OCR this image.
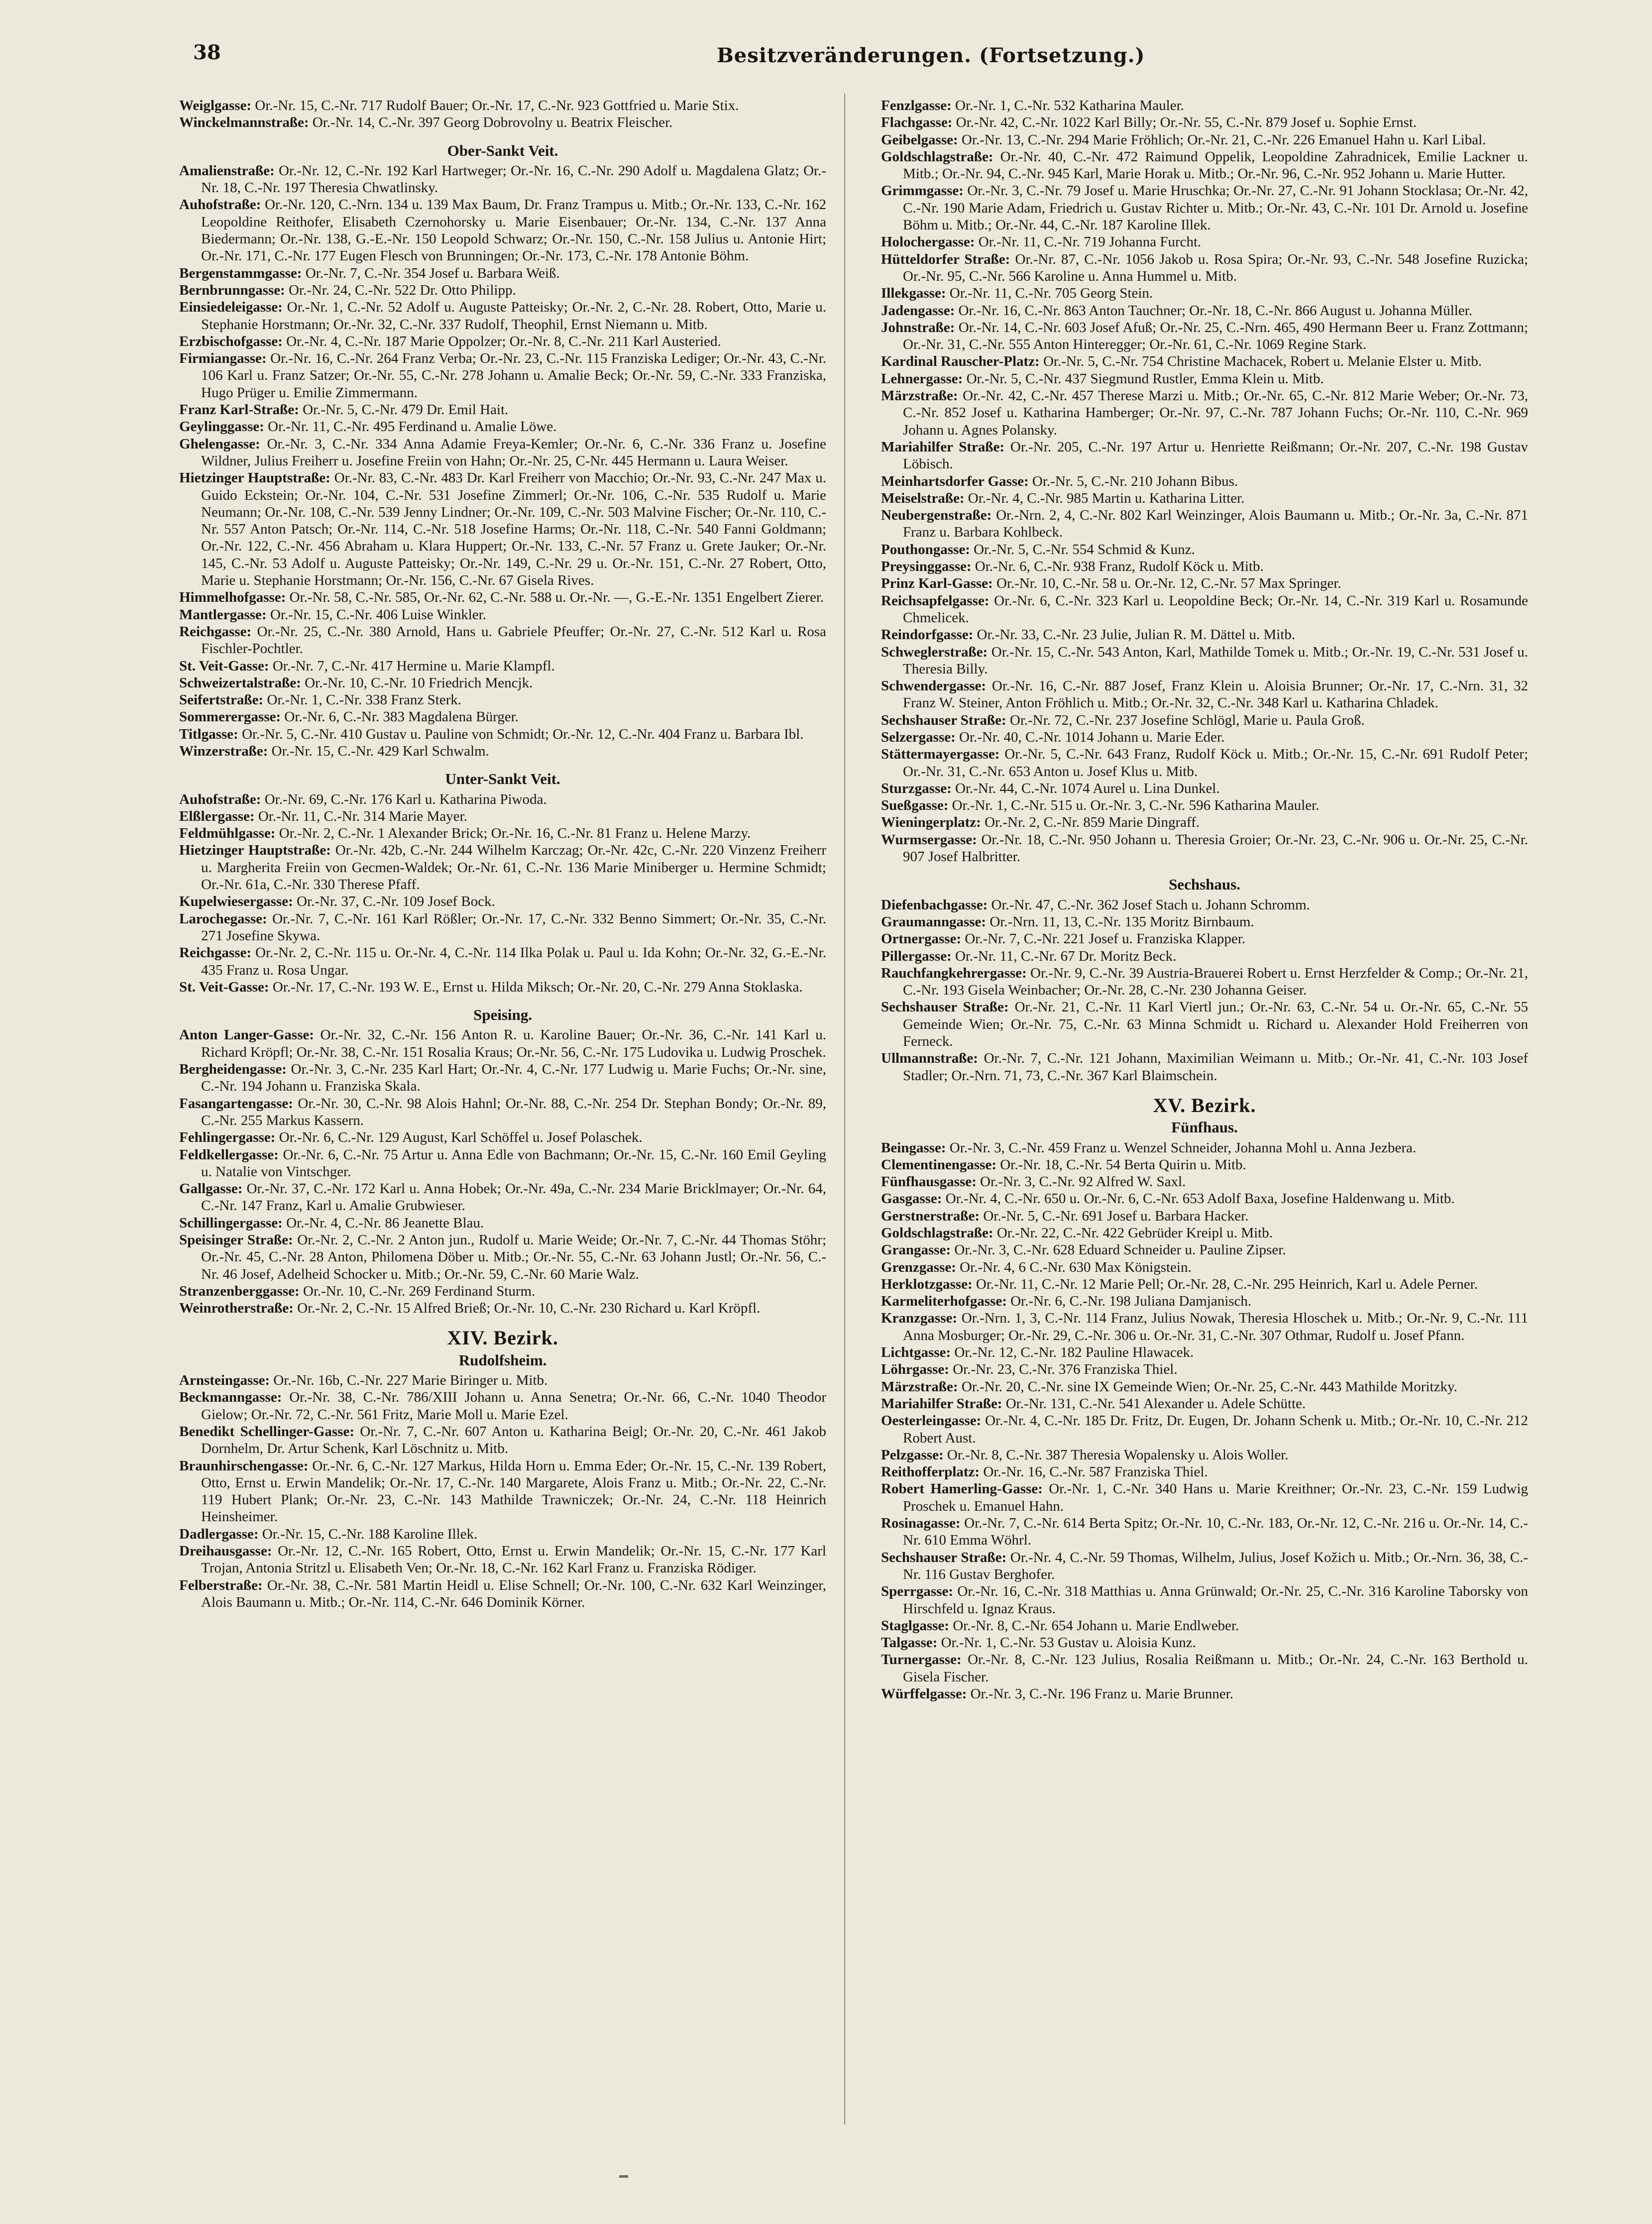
38	Besitzveränderungen. (Fortsetzung.)
Weiglgasse: Or.-Nr. 15, C.-Nr. 717 Rudolf Bauer; Or.-Nr. 17, C.-Nr. 923 Gottfried u. Marie Stix.
Winckelmannstraße: Or.-Nr. 14, C.-Nr. 397 Georg Dobrovolny u. Beatrix Fleischer.
Ober-Sankt Veit.
Amalienstraße: Or.-Nr. 12, C.-Nr. 192 Karl Hartweger; Or.-Nr. 16, C.-Nr. 290 Adolf u. Magdalena Glatz; Or.-Nr. 18, C.-Nr. 197 Theresia Chwatlinsky.
Auhofstraße: Or.-Nr. 120, C.-Nrn. 134 u. 139 Max Baum, Dr. Franz Trampus u. Mitb.; Or.-Nr. 133, C.-Nr. 162 Leopoldine Reithofer, Elisabeth Czernohorsky u. Marie Eisenbauer; Or.-Nr. 134, C.-Nr. 137 Anna Biedermann; Or.-Nr. 138, G.-E.-Nr. 150 Leopold Schwarz; Or.-Nr. 150, C.-Nr. 158 Julius u. Antonie Hirt; Or.-Nr. 171, C.-Nr. 177 Eugen Flesch von Brunningen; Or.-Nr. 173, C.-Nr. 178 Antonie Böhm.
Bergenstammgasse: Or.-Nr. 7, C.-Nr. 354 Josef u. Barbara Weiß.
Bernbrunngasse: Or.-Nr. 24, C.-Nr. 522 Dr. Otto Philipp.
Einsiedeleigasse: Or.-Nr. 1, C.-Nr. 52 Adolf u. Auguste Patteisky; Or.-Nr. 2, C.-Nr. 28. Robert, Otto, Marie u. Stephanie Horstmann; Or.-Nr. 32, C.-Nr. 337 Rudolf, Theophil, Ernst Niemann u. Mitb.
Erzbischofgasse: Or.-Nr. 4, C.-Nr. 187 Marie Oppolzer; Or.-Nr. 8, C.-Nr. 211 Karl Austeried.
Firmiangasse: Or.-Nr. 16, C.-Nr. 264 Franz Verba; Or.-Nr. 23, C.-Nr. 115 Franziska Lediger; Or.-Nr. 43, C.-Nr. 106 Karl u. Franz Satzer; Or.-Nr. 55, C.-Nr. 278 Johann u. Amalie Beck; Or.-Nr. 59, C.-Nr. 333 Franziska, Hugo Prüger u. Emilie Zimmermann.
Franz Karl-Straße: Or.-Nr. 5, C.-Nr. 479 Dr. Emil Hait.
Geylinggasse: Or.-Nr. 11, C.-Nr. 495 Ferdinand u. Amalie Löwe.
Ghelengasse: Or.-Nr. 3, C.-Nr. 334 Anna Adamie Freya-Kemler; Or.-Nr. 6, C.-Nr. 336 Franz u. Josefine Wildner, Julius Freiherr u. Josefine Freiin von Hahn; Or.-Nr. 25, C-Nr. 445 Hermann u. Laura Weiser.
Hietzinger Hauptstraße: Or.-Nr. 83, C.-Nr. 483 Dr. Karl Freiherr von Macchio; Or.-Nr. 93, C.-Nr. 247 Max u. Guido Eckstein; Or.-Nr. 104, C.-Nr. 531 Josefine Zimmerl; Or.-Nr. 106, C.-Nr. 535 Rudolf u. Marie Neumann; Or.-Nr. 108, C.-Nr. 539 Jenny Lindner; Or.-Nr. 109, C.-Nr. 503 Malvine Fischer; Or.-Nr. 110, C.-Nr. 557 Anton Patsch; Or.-Nr. 114, C.-Nr. 518 Josefine Harms; Or.-Nr. 118, C.-Nr. 540 Fanni Goldmann; Or.-Nr. 122, C.-Nr. 456 Abraham u. Klara Huppert; Or.-Nr. 133, C.-Nr. 57 Franz u. Grete Jauker; Or.-Nr. 145, C.-Nr. 53 Adolf u. Auguste Patteisky; Or.-Nr. 149, C.-Nr. 29 u. Or.-Nr. 151, C.-Nr. 27 Robert, Otto, Marie u. Stephanie Horstmann; Or.-Nr. 156, C.-Nr. 67 Gisela Rives.
Himmelhofgasse: Or.-Nr. 58, C.-Nr. 585, Or.-Nr. 62, C.-Nr. 588 u. Or.-Nr. —, G.-E.-Nr. 1351 Engelbert Zierer.
Mantlergasse: Or.-Nr. 15, C.-Nr. 406 Luise Winkler.
Reichgasse: Or.-Nr. 25, C.-Nr. 380 Arnold, Hans u. Gabriele Pfeuffer; Or.-Nr. 27, C.-Nr. 512 Karl u. Rosa Fischler-Pochtler.
St. Veit-Gasse: Or.-Nr. 7, C.-Nr. 417 Hermine u. Marie Klampfl.
Schweizertalstraße: Or.-Nr. 10, C.-Nr. 10 Friedrich Mencjk.
Seifertstraße: Or.-Nr. 1, C.-Nr. 338 Franz Sterk.
Sommerergasse: Or.-Nr. 6, C.-Nr. 383 Magdalena Bürger.
Titlgasse: Or.-Nr. 5, C.-Nr. 410 Gustav u. Pauline von Schmidt; Or.-Nr. 12, C.-Nr. 404 Franz u. Barbara Ibl.
Winzerstraße: Or.-Nr. 15, C.-Nr. 429 Karl Schwalm.
Unter-Sankt Veit.
Auhofstraße: Or.-Nr. 69, C.-Nr. 176 Karl u. Katharina Piwoda.
Elßlergasse: Or.-Nr. 11, C.-Nr. 314 Marie Mayer.
Feldmühlgasse: Or.-Nr. 2, C.-Nr. 1 Alexander Brick; Or.-Nr. 16, C.-Nr. 81 Franz u. Helene Marzy.
Hietzinger Hauptstraße: Or.-Nr. 42b, C.-Nr. 244 Wilhelm Karczag; Or.-Nr. 42c, C.-Nr. 220 Vinzenz Freiherr u. Margherita Freiin von Gecmen-Waldek; Or.-Nr. 61, C.-Nr. 136 Marie Miniberger u. Hermine Schmidt; Or.-Nr. 61a, C.-Nr. 330 Therese Pfaff.
Kupelwiesergasse: Or.-Nr. 37, C.-Nr. 109 Josef Bock.
Larochegasse: Or.-Nr. 7, C.-Nr. 161 Karl Rößler; Or.-Nr. 17, C.-Nr. 332 Benno Simmert; Or.-Nr. 35, C.-Nr. 271 Josefine Skywa.
Reichgasse: Or.-Nr. 2, C.-Nr. 115 u. Or.-Nr. 4, C.-Nr. 114 Ilka Polak u. Paul u. Ida Kohn; Or.-Nr. 32, G.-E.-Nr. 435 Franz u. Rosa Ungar.
St. Veit-Gasse: Or.-Nr. 17, C.-Nr. 193 W. E., Ernst u. Hilda Miksch; Or.-Nr. 20, C.-Nr. 279 Anna Stoklaska.
Speising.
Anton Langer-Gasse: Or.-Nr. 32, C.-Nr. 156 Anton R. u. Karoline Bauer; Or.-Nr. 36, C.-Nr. 141 Karl u. Richard Kröpfl; Or.-Nr. 38, C.-Nr. 151 Rosalia Kraus; Or.-Nr. 56, C.-Nr. 175 Ludovika u. Ludwig Proschek.
Bergheidengasse: Or.-Nr. 3, C.-Nr. 235 Karl Hart; Or.-Nr. 4, C.-Nr. 177 Ludwig u. Marie Fuchs; Or.-Nr. sine, C.-Nr. 194 Johann u. Franziska Skala.
Fasangartengasse: Or.-Nr. 30, C.-Nr. 98 Alois Hahnl; Or.-Nr. 88, C.-Nr. 254 Dr. Stephan Bondy; Or.-Nr. 89, C.-Nr. 255 Markus Kassern.
Fehlingergasse: Or.-Nr. 6, C.-Nr. 129 August, Karl Schöffel u. Josef Polaschek.
Feldkellergasse: Or.-Nr. 6, C.-Nr. 75 Artur u. Anna Edle von Bachmann; Or.-Nr. 15, C.-Nr. 160 Emil Geyling u. Natalie von Vintschger.
Gallgasse: Or.-Nr. 37, C.-Nr. 172 Karl u. Anna Hobek; Or.-Nr. 49a, C.-Nr. 234 Marie Bricklmayer; Or.-Nr. 64, C.-Nr. 147 Franz, Karl u. Amalie Grubwieser.
Schillingergasse: Or.-Nr. 4, C.-Nr. 86 Jeanette Blau.
Speisinger Straße: Or.-Nr. 2, C.-Nr. 2 Anton jun., Rudolf u. Marie Weide; Or.-Nr. 7, C.-Nr. 44 Thomas Stöhr; Or.-Nr. 45, C.-Nr. 28 Anton, Philomena Döber u. Mitb.; Or.-Nr. 55, C.-Nr. 63 Johann Justl; Or.-Nr. 56, C.-Nr. 46 Josef, Adelheid Schocker u. Mitb.; Or.-Nr. 59, C.-Nr. 60 Marie Walz.
Stranzenberggasse: Or.-Nr. 10, C.-Nr. 269 Ferdinand Sturm.
Weinrotherstraße: Or.-Nr. 2, C.-Nr. 15 Alfred Brieß; Or.-Nr. 10, C.-Nr. 230 Richard u. Karl Kröpfl.
XIV. Bezirk.
Rudolfsheim.
Arnsteingasse: Or.-Nr. 16b, C.-Nr. 227 Marie Biringer u. Mitb.
Beckmanngasse: Or.-Nr. 38, C.-Nr. 786/XIII Johann u. Anna Senetra; Or.-Nr. 66, C.-Nr. 1040 Theodor Gielow; Or.-Nr. 72, C.-Nr. 561 Fritz, Marie Moll u. Marie Ezel.
Benedikt Schellinger-Gasse: Or.-Nr. 7, C.-Nr. 607 Anton u. Katharina Beigl; Or.-Nr. 20, C.-Nr. 461 Jakob Dornhelm, Dr. Artur Schenk, Karl Löschnitz u. Mitb.
Braunhirschengasse: Or.-Nr. 6, C.-Nr. 127 Markus, Hilda Horn u. Emma Eder; Or.-Nr. 15, C.-Nr. 139 Robert, Otto, Ernst u. Erwin Mandelik; Or.-Nr. 17, C.-Nr. 140 Margarete, Alois Franz u. Mitb.; Or.-Nr. 22, C.-Nr. 119 Hubert Plank; Or.-Nr. 23, C.-Nr. 143 Mathilde Trawniczek; Or.-Nr. 24, C.-Nr. 118 Heinrich Heinsheimer.
Dadlergasse: Or.-Nr. 15, C.-Nr. 188 Karoline Illek.
Dreihausgasse: Or.-Nr. 12, C.-Nr. 165 Robert, Otto, Ernst u. Erwin Mandelik; Or.-Nr. 15, C.-Nr. 177 Karl Trojan, Antonia Stritzl u. Elisabeth Ven; Or.-Nr. 18, C.-Nr. 162 Karl Franz u. Franziska Rödiger.
Felberstraße: Or.-Nr. 38, C.-Nr. 581 Martin Heidl u. Elise Schnell; Or.-Nr. 100, C.-Nr. 632 Karl Weinzinger, Alois Baumann u. Mitb.; Or.-Nr. 114, C.-Nr. 646 Dominik Körner.
Fenzlgasse: Or.-Nr. 1, C.-Nr. 532 Katharina Mauler.
Flachgasse: Or.-Nr. 42, C.-Nr. 1022 Karl Billy; Or.-Nr. 55, C.-Nr. 879 Josef u. Sophie Ernst.
Geibelgasse: Or.-Nr. 13, C.-Nr. 294 Marie Fröhlich; Or.-Nr. 21, C.-Nr. 226 Emanuel Hahn u. Karl Libal.
Goldschlagstraße: Or.-Nr. 40, C.-Nr. 472 Raimund Oppelik, Leopoldine Zahradnicek, Emilie Lackner u. Mitb.; Or.-Nr. 94, C.-Nr. 945 Karl, Marie Horak u. Mitb.; Or.-Nr. 96, C.-Nr. 952 Johann u. Marie Hutter.
Grimmgasse: Or.-Nr. 3, C.-Nr. 79 Josef u. Marie Hruschka; Or.-Nr. 27, C.-Nr. 91 Johann Stocklasa; Or.-Nr. 42, C.-Nr. 190 Marie Adam, Friedrich u. Gustav Richter u. Mitb.; Or.-Nr. 43, C.-Nr. 101 Dr. Arnold u. Josefine Böhm u. Mitb.; Or.-Nr. 44, C.-Nr. 187 Karoline Illek.
Holochergasse: Or.-Nr. 11, C.-Nr. 719 Johanna Furcht.
Hütteldorfer Straße: Or.-Nr. 87, C.-Nr. 1056 Jakob u. Rosa Spira; Or.-Nr. 93, C.-Nr. 548 Josefine Ruzicka; Or.-Nr. 95, C.-Nr. 566 Karoline u. Anna Hummel u. Mitb.
Illekgasse: Or.-Nr. 11, C.-Nr. 705 Georg Stein.
Jadengasse: Or.-Nr. 16, C.-Nr. 863 Anton Tauchner; Or.-Nr. 18, C.-Nr. 866 August u. Johanna Müller.
Johnstraße: Or.-Nr. 14, C.-Nr. 603 Josef Afuß; Or.-Nr. 25, C.-Nrn. 465, 490 Hermann Beer u. Franz Zottmann; Or.-Nr. 31, C.-Nr. 555 Anton Hinteregger; Or.-Nr. 61, C.-Nr. 1069 Regine Stark.
Kardinal Rauscher-Platz: Or.-Nr. 5, C.-Nr. 754 Christine Machacek, Robert u. Melanie Elster u. Mitb.
Lehnergasse: Or.-Nr. 5, C.-Nr. 437 Siegmund Rustler, Emma Klein u. Mitb.
Märzstraße: Or.-Nr. 42, C.-Nr. 457 Therese Marzi u. Mitb.; Or.-Nr. 65, C.-Nr. 812 Marie Weber; Or.-Nr. 73, C.-Nr. 852 Josef u. Katharina Hamberger; Or.-Nr. 97, C.-Nr. 787 Johann Fuchs; Or.-Nr. 110, C.-Nr. 969 Johann u. Agnes Polansky.
Mariahilfer Straße: Or.-Nr. 205, C.-Nr. 197 Artur u. Henriette Reißmann; Or.-Nr. 207, C.-Nr. 198 Gustav Löbisch.
Meinhartsdorfer Gasse: Or.-Nr. 5, C.-Nr. 210 Johann Bibus.
Meiselstraße: Or.-Nr. 4, C.-Nr. 985 Martin u. Katharina Litter.
Neubergenstraße: Or.-Nrn. 2, 4, C.-Nr. 802 Karl Weinzinger, Alois Baumann u. Mitb.; Or.-Nr. 3a, C.-Nr. 871 Franz u. Barbara Kohlbeck.
Pouthongasse: Or.-Nr. 5, C.-Nr. 554 Schmid & Kunz.
Preysinggasse: Or.-Nr. 6, C.-Nr. 938 Franz, Rudolf Köck u. Mitb.
Prinz Karl-Gasse: Or.-Nr. 10, C.-Nr. 58 u. Or.-Nr. 12, C.-Nr. 57 Max Springer.
Reichsapfelgasse: Or.-Nr. 6, C.-Nr. 323 Karl u. Leopoldine Beck; Or.-Nr. 14, C.-Nr. 319 Karl u. Rosamunde Chmelicek.
Reindorfgasse: Or.-Nr. 33, C.-Nr. 23 Julie, Julian R. M. Dättel u. Mitb.
Schweglerstraße: Or.-Nr. 15, C.-Nr. 543 Anton, Karl, Mathilde Tomek u. Mitb.; Or.-Nr. 19, C.-Nr. 531 Josef u. Theresia Billy.
Schwendergasse: Or.-Nr. 16, C.-Nr. 887 Josef, Franz Klein u. Aloisia Brunner; Or.-Nr. 17, C.-Nrn. 31, 32 Franz W. Steiner, Anton Fröhlich u. Mitb.; Or.-Nr. 32, C.-Nr. 348 Karl u. Katharina Chladek.
Sechshauser Straße: Or.-Nr. 72, C.-Nr. 237 Josefine Schlögl, Marie u. Paula Groß.
Selzergasse: Or.-Nr. 40, C.-Nr. 1014 Johann u. Marie Eder.
Stättermayergasse: Or.-Nr. 5, C.-Nr. 643 Franz, Rudolf Köck u. Mitb.; Or.-Nr. 15, C.-Nr. 691 Rudolf Peter; Or.-Nr. 31, C.-Nr. 653 Anton u. Josef Klus u. Mitb.
Sturzgasse: Or.-Nr. 44, C.-Nr. 1074 Aurel u. Lina Dunkel.
Sueßgasse: Or.-Nr. 1, C.-Nr. 515 u. Or.-Nr. 3, C.-Nr. 596 Katharina Mauler.
Wieningerplatz: Or.-Nr. 2, C.-Nr. 859 Marie Dingraff.
Wurmsergasse: Or.-Nr. 18, C.-Nr. 950 Johann u. Theresia Groier; Or.-Nr. 23, C.-Nr. 906 u. Or.-Nr. 25, C.-Nr. 907 Josef Halbritter.
Sechshaus.
Diefenbachgasse: Or.-Nr. 47, C.-Nr. 362 Josef Stach u. Johann Schromm.
Graumanngasse: Or.-Nrn. 11, 13, C.-Nr. 135 Moritz Birnbaum.
Ortnergasse: Or.-Nr. 7, C.-Nr. 221 Josef u. Franziska Klapper.
Pillergasse: Or.-Nr. 11, C.-Nr. 67 Dr. Moritz Beck.
Rauchfangkehrergasse: Or.-Nr. 9, C.-Nr. 39 Austria-Brauerei Robert u. Ernst Herzfelder & Comp.; Or.-Nr. 21, C.-Nr. 193 Gisela Weinbacher; Or.-Nr. 28, C.-Nr. 230 Johanna Geiser.
Sechshauser Straße: Or.-Nr. 21, C.-Nr. 11 Karl Viertl jun.; Or.-Nr. 63, C.-Nr. 54 u. Or.-Nr. 65, C.-Nr. 55 Gemeinde Wien; Or.-Nr. 75, C.-Nr. 63 Minna Schmidt u. Richard u. Alexander Hold Freiherren von Ferneck.
Ullmannstraße: Or.-Nr. 7, C.-Nr. 121 Johann, Maximilian Weimann u. Mitb.; Or.-Nr. 41, C.-Nr. 103 Josef Stadler; Or.-Nrn. 71, 73, C.-Nr. 367 Karl Blaimschein.
XV. Bezirk.
Fünfhaus.
Beingasse: Or.-Nr. 3, C.-Nr. 459 Franz u. Wenzel Schneider, Johanna Mohl u. Anna Jezbera.
Clementinengasse: Or.-Nr. 18, C.-Nr. 54 Berta Quirin u. Mitb.
Fünfhausgasse: Or.-Nr. 3, C.-Nr. 92 Alfred W. Saxl.
Gasgasse: Or.-Nr. 4, C.-Nr. 650 u. Or.-Nr. 6, C.-Nr. 653 Adolf Baxa, Josefine Haldenwang u. Mitb.
Gerstnerstraße: Or.-Nr. 5, C.-Nr. 691 Josef u. Barbara Hacker.
Goldschlagstraße: Or.-Nr. 22, C.-Nr. 422 Gebrüder Kreipl u. Mitb.
Grangasse: Or.-Nr. 3, C.-Nr. 628 Eduard Schneider u. Pauline Zipser.
Grenzgasse: Or.-Nr. 4, 6 C.-Nr. 630 Max Königstein.
Herklotzgasse: Or.-Nr. 11, C.-Nr. 12 Marie Pell; Or.-Nr. 28, C.-Nr. 295 Heinrich, Karl u. Adele Perner.
Karmeliterhofgasse: Or.-Nr. 6, C.-Nr. 198 Juliana Damjanisch.
Kranzgasse: Or.-Nrn. 1, 3, C.-Nr. 114 Franz, Julius Nowak, Theresia Hloschek u. Mitb.; Or.-Nr. 9, C.-Nr. 111 Anna Mosburger; Or.-Nr. 29, C.-Nr. 306 u. Or.-Nr. 31, C.-Nr. 307 Othmar, Rudolf u. Josef Pfann.
Lichtgasse: Or.-Nr. 12, C.-Nr. 182 Pauline Hlawacek.
Löhrgasse: Or.-Nr. 23, C.-Nr. 376 Franziska Thiel.
Märzstraße: Or.-Nr. 20, C.-Nr. sine IX Gemeinde Wien; Or.-Nr. 25, C.-Nr. 443 Mathilde Moritzky.
Mariahilfer Straße: Or.-Nr. 131, C.-Nr. 541 Alexander u. Adele Schütte.
Oesterleingasse: Or.-Nr. 4, C.-Nr. 185 Dr. Fritz, Dr. Eugen, Dr. Johann Schenk u. Mitb.; Or.-Nr. 10, C.-Nr. 212 Robert Aust.
Pelzgasse: Or.-Nr. 8, C.-Nr. 387 Theresia Wopalensky u. Alois Woller.
Reithofferplatz: Or.-Nr. 16, C.-Nr. 587 Franziska Thiel.
Robert Hamerling-Gasse: Or.-Nr. 1, C.-Nr. 340 Hans u. Marie Kreithner; Or.-Nr. 23, C.-Nr. 159 Ludwig Proschek u. Emanuel Hahn.
Rosinagasse: Or.-Nr. 7, C.-Nr. 614 Berta Spitz; Or.-Nr. 10, C.-Nr. 183, Or.-Nr. 12, C.-Nr. 216 u. Or.-Nr. 14, C.-Nr. 610 Emma Wöhrl.
Sechshauser Straße: Or.-Nr. 4, C.-Nr. 59 Thomas, Wilhelm, Julius, Josef Kožich u. Mitb.; Or.-Nrn. 36, 38, C.-Nr. 116 Gustav Berghofer.
Sperrgasse: Or.-Nr. 16, C.-Nr. 318 Matthias u. Anna Grünwald; Or.-Nr. 25, C.-Nr. 316 Karoline Taborsky von Hirschfeld u. Ignaz Kraus.
Staglgasse: Or.-Nr. 8, C.-Nr. 654 Johann u. Marie Endlweber.
Talgasse: Or.-Nr. 1, C.-Nr. 53 Gustav u. Aloisia Kunz.
Turnergasse: Or.-Nr. 8, C.-Nr. 123 Julius, Rosalia Reißmann u. Mitb.; Or.-Nr. 24, C.-Nr. 163 Berthold u. Gisela Fischer.
Würffelgasse: Or.-Nr. 3, C.-Nr. 196 Franz u. Marie Brunner.
